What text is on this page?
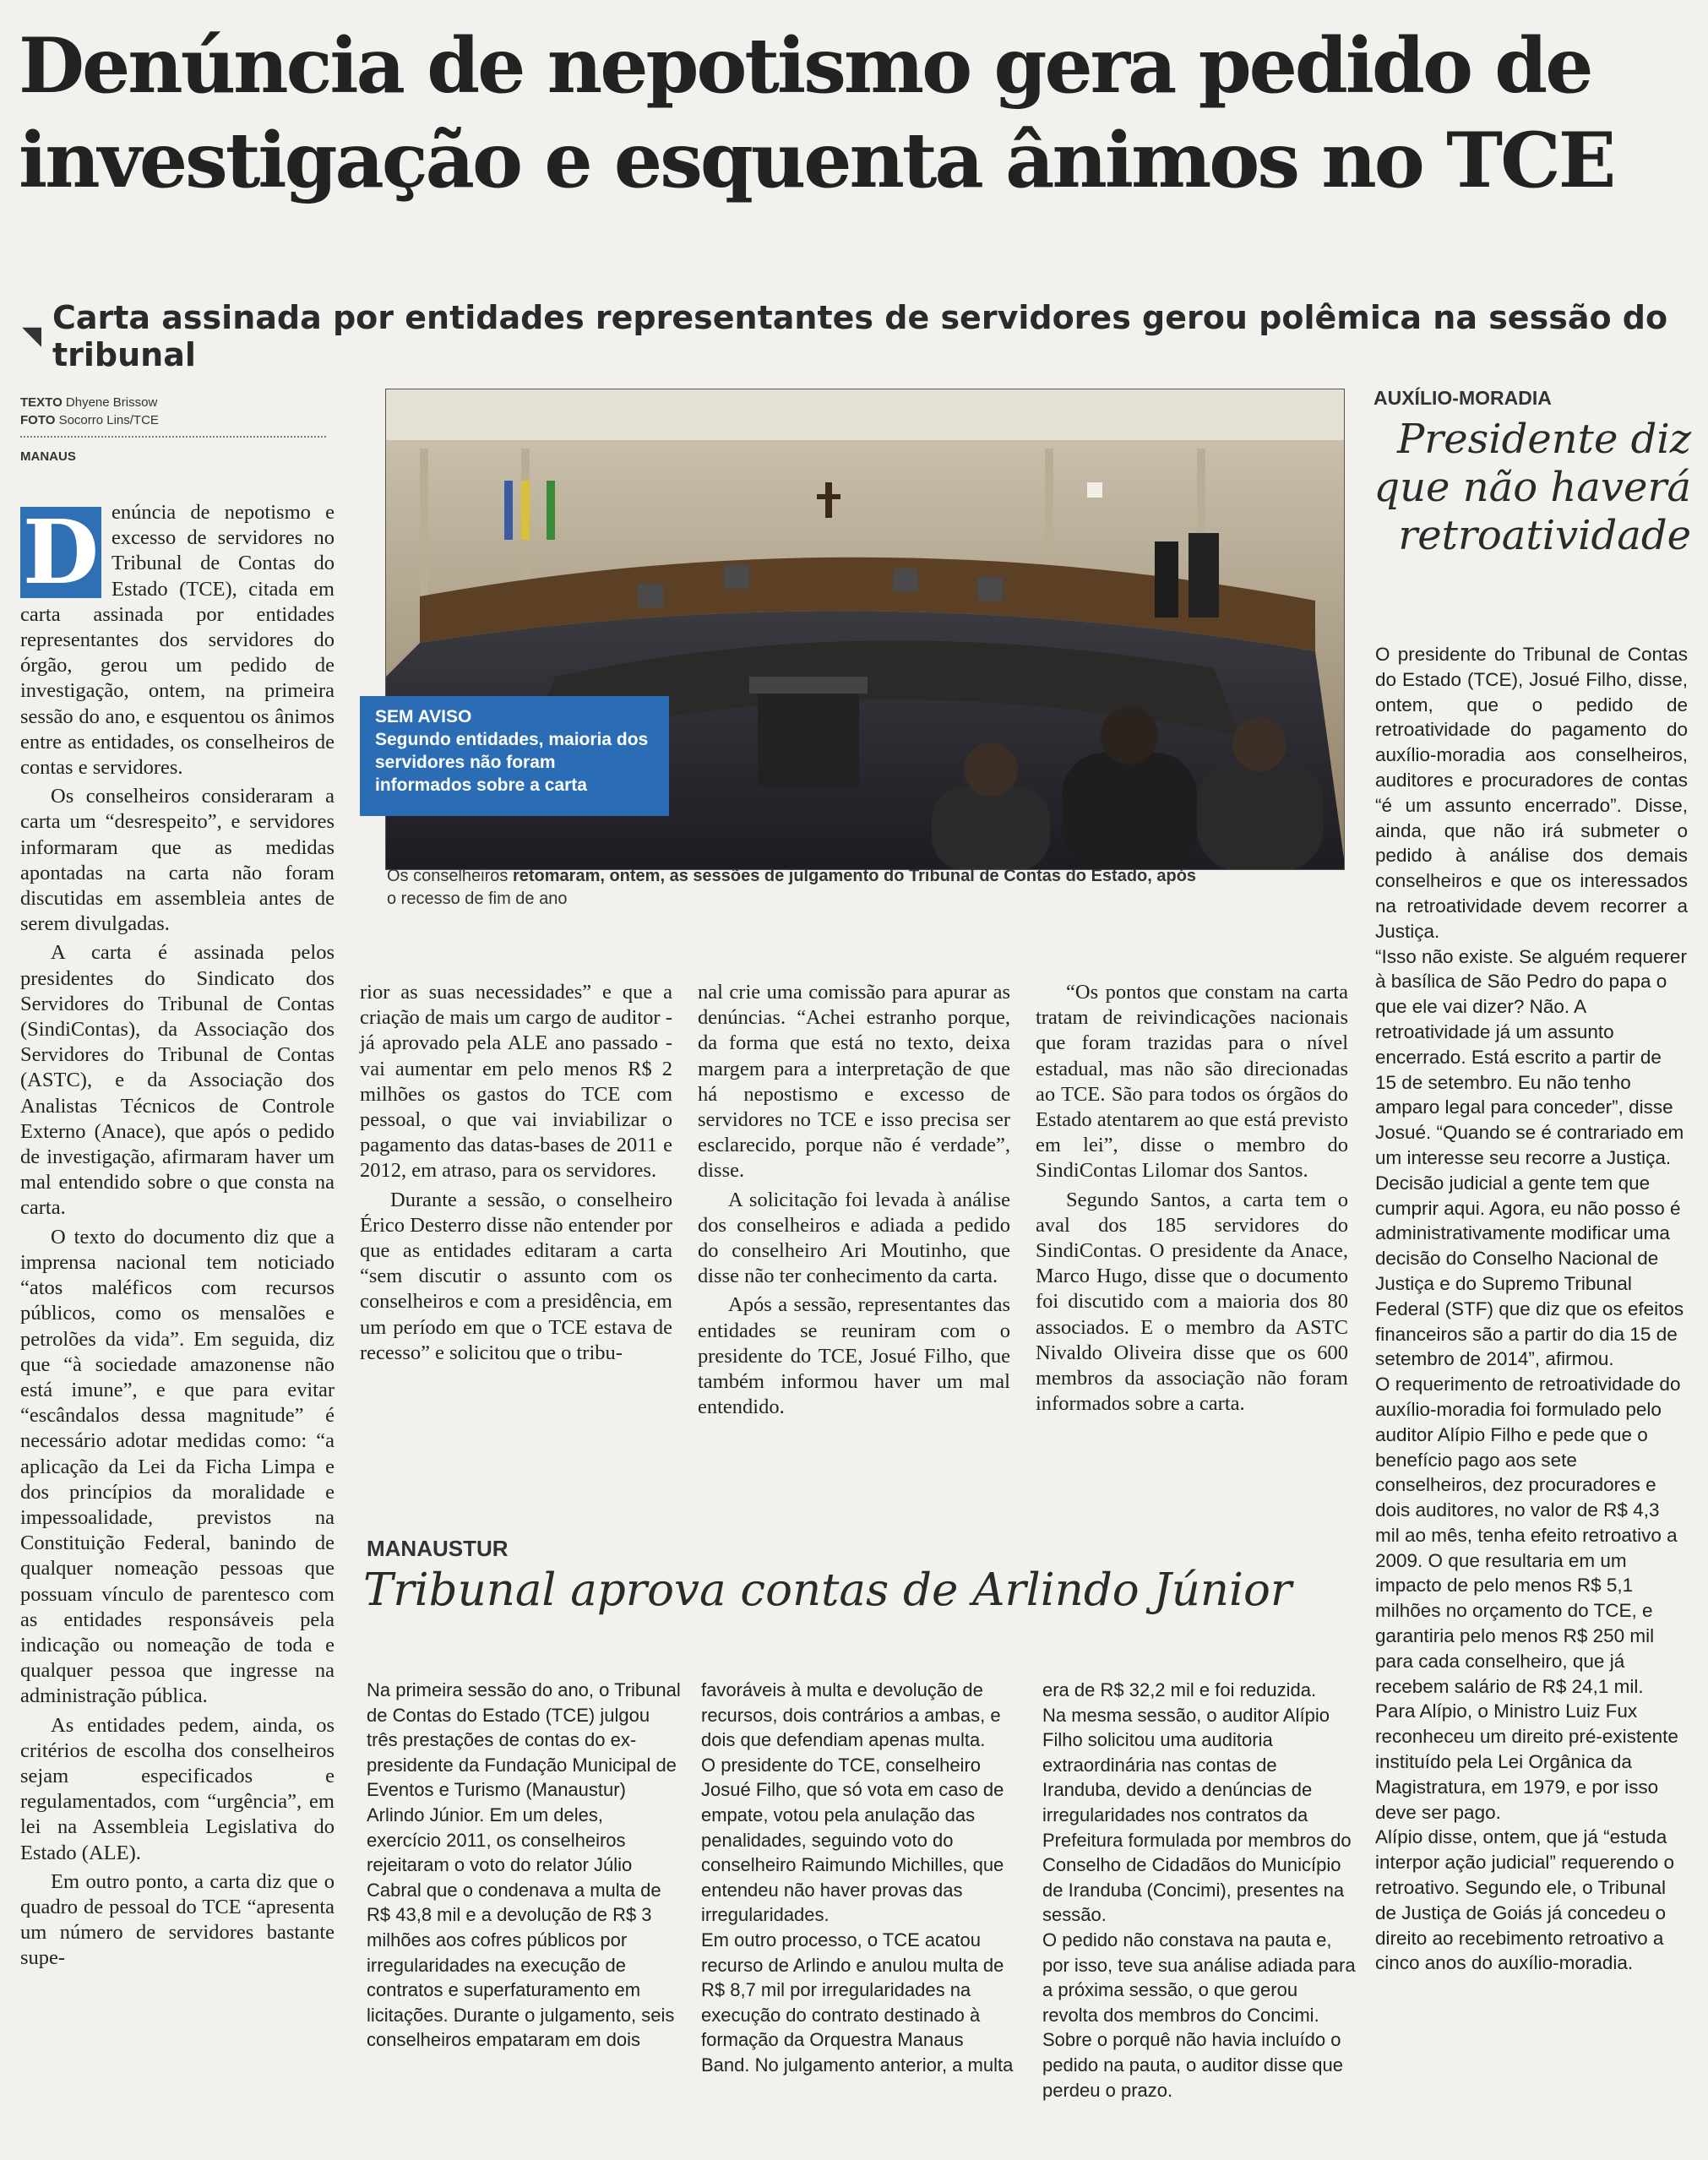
Denúncia de nepotismo gera pedido de investigação e esquenta ânimos no TCE
◥ Carta assinada por entidades representantes de servidores gerou polêmica na sessão do tribunal
TEXTO Dhyene Brissow
FOTO Socorro Lins/TCE
MANAUS

D enúncia de nepotismo e excesso de servidores no Tribunal de Contas do Estado (TCE), citada em carta assinada por entidades representantes dos servidores do órgão, gerou um pedido de investigação, ontem, na primeira sessão do ano, e esquentou os ânimos entre as entidades, os conselheiros de contas e servidores.

Os conselheiros consideraram a carta um “desrespeito”, e servidores informaram que as medidas apontadas na carta não foram discutidas em assembleia antes de serem divulgadas.

A carta é assinada pelos presidentes do Sindicato dos Servidores do Tribunal de Contas (SindiContas), da Associação dos Servidores do Tribunal de Contas (ASTC), e da Associação dos Analistas Técnicos de Controle Externo (Anace), que após o pedido de investigação, afirmaram haver um mal entendido sobre o que consta na carta.

O texto do documento diz que a imprensa nacional tem noticiado “atos maléficos com recursos públicos, como os mensalões e petrolões da vida”. Em seguida, diz que “à sociedade amazonense não está imune”, e que para evitar “escândalos dessa magnitude” é necessário adotar medidas como: “a aplicação da Lei da Ficha Limpa e dos princípios da moralidade e impessoalidade, previstos na Constituição Federal, banindo de qualquer nomeação pessoas que possuam vínculo de parentesco com as entidades responsáveis pela indicação ou nomeação de toda e qualquer pessoa que ingresse na administração pública.

As entidades pedem, ainda, os critérios de escolha dos conselheiros sejam especificados e regulamentados, com “urgência”, em lei na Assembleia Legislativa do Estado (ALE).

Em outro ponto, a carta diz que o quadro de pessoal do TCE “apresenta um número de servidores bastante supe-

SEM AVISO
Segundo entidades, maioria dos servidores não foram informados sobre a carta
Os conselheiros retomaram, ontem, as sessões de julgamento do Tribunal de Contas do Estado, após
o recesso de fim de ano

rior as suas necessidades” e que a criação de mais um cargo de auditor - já aprovado pela ALE ano passado - vai aumentar em pelo menos R$ 2 milhões os gastos do TCE com pessoal, o que vai inviabilizar o pagamento das datas-bases de 2011 e 2012, em atraso, para os servidores.

Durante a sessão, o conselheiro Érico Desterro disse não entender por que as entidades editaram a carta “sem discutir o assunto com os conselheiros e com a presidência, em um período em que o TCE estava de recesso” e solicitou que o tribu-

nal crie uma comissão para apurar as denúncias. “Achei estranho porque, da forma que está no texto, deixa margem para a interpretação de que há nepostismo e excesso de servidores no TCE e isso precisa ser esclarecido, porque não é verdade”, disse.

A solicitação foi levada à análise dos conselheiros e adiada a pedido do conselheiro Ari Moutinho, que disse não ter conhecimento da carta.

Após a sessão, representantes das entidades se reuniram com o presidente do TCE, Josué Filho, que também informou haver um mal entendido.

“Os pontos que constam na carta tratam de reivindicações nacionais que foram trazidas para o nível estadual, mas não são direcionadas ao TCE. São para todos os órgãos do Estado atentarem ao que está previsto em lei”, disse o membro do SindiContas Lilomar dos Santos.

Segundo Santos, a carta tem o aval dos 185 servidores do SindiContas. O presidente da Anace, Marco Hugo, disse que o documento foi discutido com a maioria dos 80 associados. E o membro da ASTC Nivaldo Oliveira disse que os 600 membros da associação não foram informados sobre a carta.

AUXÍLIO-MORADIA
Presidente diz que não haverá retroatividade

O presidente do Tribunal de Contas do Estado (TCE), Josué Filho, disse, ontem, que o pedido de retroatividade do pagamento do auxílio-moradia aos conselheiros, auditores e procuradores de contas “é um assunto encerrado”. Disse, ainda, que não irá submeter o pedido à análise dos demais conselheiros e que os interessados na retroatividade devem recorrer a Justiça.

“Isso não existe. Se alguém requerer à basílica de São Pedro do papa o que ele vai dizer? Não. A retroatividade já um assunto encerrado. Está escrito a partir de 15 de setembro. Eu não tenho amparo legal para conceder”, disse Josué. “Quando se é contrariado em um interesse seu recorre a Justiça. Decisão judicial a gente tem que cumprir aqui. Agora, eu não posso é administrativamente modificar uma decisão do Conselho Nacional de Justiça e do Supremo Tribunal Federal (STF) que diz que os efeitos financeiros são a partir do dia 15 de setembro de 2014”, afirmou.

O requerimento de retroatividade do auxílio-moradia foi formulado pelo auditor Alípio Filho e pede que o benefício pago aos sete conselheiros, dez procuradores e dois auditores, no valor de R$ 4,3 mil ao mês, tenha efeito retroativo a 2009. O que resultaria em um impacto de pelo menos R$ 5,1 milhões no orçamento do TCE, e garantiria pelo menos R$ 250 mil para cada conselheiro, que já recebem salário de R$ 24,1 mil. Para Alípio, o Ministro Luiz Fux reconheceu um direito pré-existente instituído pela Lei Orgânica da Magistratura, em 1979, e por isso deve ser pago.

Alípio disse, ontem, que já “estuda interpor ação judicial” requerendo o retroativo. Segundo ele, o Tribunal de Justiça de Goiás já concedeu o direito ao recebimento retroativo a cinco anos do auxílio-moradia.

MANAUSTUR
Tribunal aprova contas de Arlindo Júnior

Na primeira sessão do ano, o Tribunal de Contas do Estado (TCE) julgou três prestações de contas do ex-presidente da Fundação Municipal de Eventos e Turismo (Manaustur) Arlindo Júnior. Em um deles, exercício 2011, os conselheiros rejeitaram o voto do relator Júlio Cabral que o condenava a multa de R$ 43,8 mil e a devolução de R$ 3 milhões aos cofres públicos por irregularidades na execução de contratos e superfaturamento em licitações. Durante o julgamento, seis conselheiros empataram em dois

favoráveis à multa e devolução de recursos, dois contrários a ambas, e dois que defendiam apenas multa.

O presidente do TCE, conselheiro Josué Filho, que só vota em caso de empate, votou pela anulação das penalidades, seguindo voto do conselheiro Raimundo Michilles, que entendeu não haver provas das irregularidades.

Em outro processo, o TCE acatou recurso de Arlindo e anulou multa de R$ 8,7 mil por irregularidades na execução do contrato destinado à formação da Orquestra Manaus Band. No julgamento anterior, a multa

era de R$ 32,2 mil e foi reduzida.

Na mesma sessão, o auditor Alípio Filho solicitou uma auditoria extraordinária nas contas de Iranduba, devido a denúncias de irregularidades nos contratos da Prefeitura formulada por membros do Conselho de Cidadãos do Município de Iranduba (Concimi), presentes na sessão.

O pedido não constava na pauta e, por isso, teve sua análise adiada para a próxima sessão, o que gerou revolta dos membros do Concimi. Sobre o porquê não havia incluído o pedido na pauta, o auditor disse que perdeu o prazo.
